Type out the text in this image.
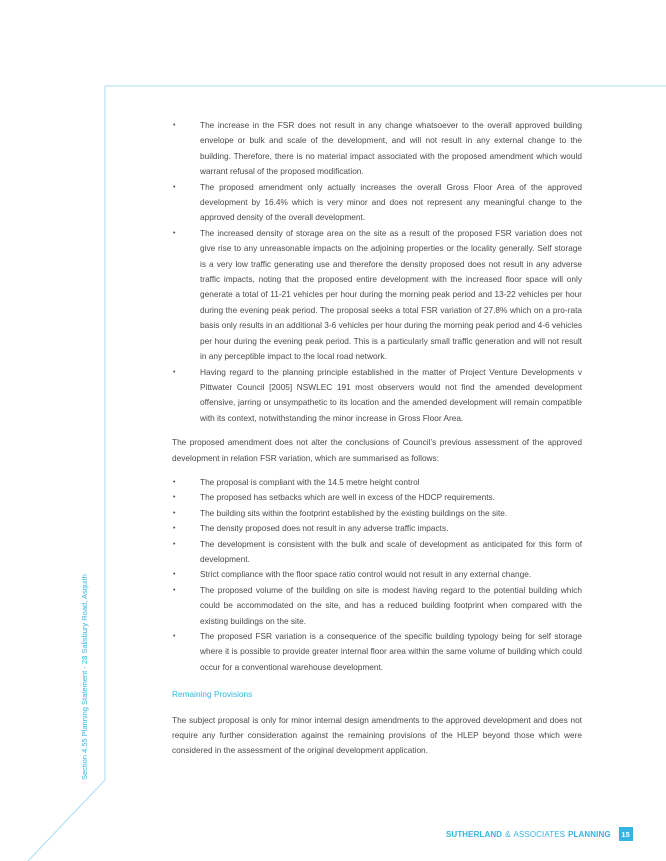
Section 4.55 Planning Statement - 28 Salisbury Road, Asquith
•	The increase in the FSR does not result in any change whatsoever to the overall approved building envelope or bulk and scale of the development, and will not result in any external change to the building. Therefore, there is no material impact associated with the proposed amendment which would warrant refusal of the proposed modification.
•	The proposed amendment only actually increases the overall Gross Floor Area of the approved development by 16.4% which is very minor and does not represent any meaningful change to the approved density of the overall development.
•	The increased density of storage area on the site as a result of the proposed FSR variation does not give rise to any unreasonable impacts on the adjoining properties or the locality generally. Self storage is a very low traffic generating use and therefore the density proposed does not result in any adverse traffic impacts, noting that the proposed entire development with the increased floor space will only generate a total of 11-21 vehicles per hour during the morning peak period and 13-22 vehicles per hour during the evening peak period. The proposal seeks a total FSR variation of 27.8% which on a pro-rata basis only results in an additional 3-6 vehicles per hour during the morning peak period and 4-6 vehicles per hour during the evening peak period. This is a particularly small traffic generation and will not result in any perceptible impact to the local road network.
•	Having regard to the planning principle established in the matter of Project Venture Developments v Pittwater Council [2005] NSWLEC 191 most observers would not find the amended development offensive, jarring or unsympathetic to its location and the amended development will remain compatible with its context, notwithstanding the minor increase in Gross Floor Area.

The proposed amendment does not alter the conclusions of Council’s previous assessment of the approved development in relation FSR variation, which are summarised as follows:

•	The proposal is compliant with the 14.5 metre height control
•	The proposed has setbacks which are well in excess of the HDCP requirements.
•	The building sits within the footprint established by the existing buildings on the site.
•	The density proposed does not result in any adverse traffic impacts.
•	The development is consistent with the bulk and scale of development as anticipated for this form of development.
•	Strict compliance with the floor space ratio control would not result in any external change.
•	The proposed volume of the building on site is modest having regard to the potential building which could be accommodated on the site, and has a reduced building footprint when compared with the existing buildings on the site.
•	The proposed FSR variation is a consequence of the specific building typology being for self storage where it is possible to provide greater internal floor area within the same volume of building which could occur for a conventional warehouse development.

Remaining Provisions

The subject proposal is only for minor internal design amendments to the approved development and does not require any further consideration against the remaining provisions of the HLEP beyond those which were considered in the assessment of the original development application.

SUTHERLAND & ASSOCIATES PLANNING	15
